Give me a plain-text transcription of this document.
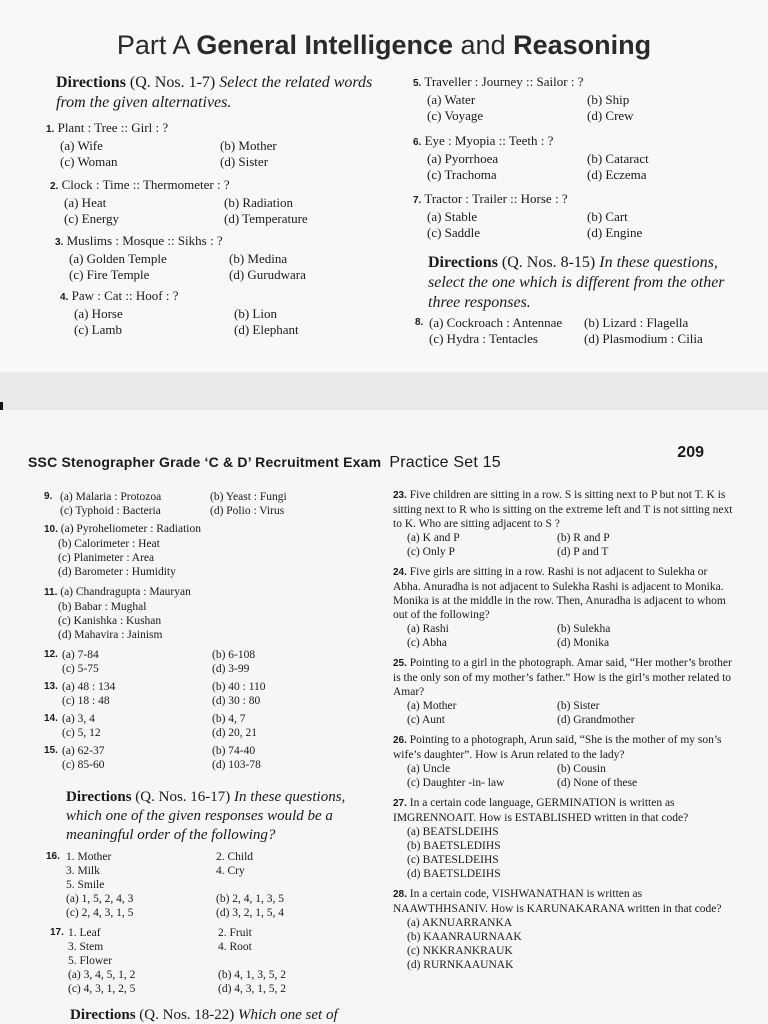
Part A General Intelligence and Reasoning
Directions (Q. Nos. 1-7) Select the related words from the given alternatives.
1. Plant : Tree :: Girl : ?
(a) Wife	(b) Mother
(c) Woman	(d) Sister
2. Clock : Time :: Thermometer : ?
(a) Heat	(b) Radiation
(c) Energy	(d) Temperature
3. Muslims : Mosque :: Sikhs : ?
(a) Golden Temple	(b) Medina
(c) Fire Temple	(d) Gurudwara
4. Paw : Cat :: Hoof : ?
(a) Horse	(b) Lion
(c) Lamb	(d) Elephant
5. Traveller : Journey :: Sailor : ?
(a) Water	(b) Ship
(c) Voyage	(d) Crew
6. Eye : Myopia :: Teeth : ?
(a) Pyorrhoea	(b) Cataract
(c) Trachoma	(d) Eczema
7. Tractor : Trailer :: Horse : ?
(a) Stable	(b) Cart
(c) Saddle	(d) Engine
Directions (Q. Nos. 8-15) In these questions, select the one which is different from the other three responses.
8. (a) Cockroach : Antennae	(b) Lizard : Flagella
(c) Hydra : Tentacles	(d) Plasmodium : Cilia
SSC Stenographer Grade ‘C & D’ Recruitment Exam Practice Set 15
209
9. (a) Malaria : Protozoa	(b) Yeast : Fungi
(c) Typhoid : Bacteria	(d) Polio : Virus
10. (a) Pyroheliometer : Radiation
(b) Calorimeter : Heat
(c) Planimeter : Area
(d) Barometer : Humidity
11. (a) Chandragupta : Mauryan
(b) Babar : Mughal
(c) Kanishka : Kushan
(d) Mahavira : Jainism
12. (a) 7-84	(b) 6-108
(c) 5-75	(d) 3-99
13. (a) 48 : 134	(b) 40 : 110
(c) 18 : 48	(d) 30 : 80
14. (a) 3, 4	(b) 4, 7
(c) 5, 12	(d) 20, 21
15. (a) 62-37	(b) 74-40
(c) 85-60	(d) 103-78
Directions (Q. Nos. 16-17) In these questions, which one of the given responses would be a meaningful order of the following?
16. 1. Mother	2. Child
3. Milk	4. Cry
5. Smile
(a) 1, 5, 2, 4, 3	(b) 2, 4, 1, 3, 5
(c) 2, 4, 3, 1, 5	(d) 3, 2, 1, 5, 4
17. 1. Leaf	2. Fruit
3. Stem	4. Root
5. Flower
(a) 3, 4, 5, 1, 2	(b) 4, 1, 3, 5, 2
(c) 4, 3, 1, 2, 5	(d) 4, 3, 1, 5, 2
Directions (Q. Nos. 18-22) Which one set of
23. Five children are sitting in a row. S is sitting next to P but not T. K is sitting next to R who is sitting on the extreme left and T is not sitting next to K. Who are sitting adjacent to S ?
(a) K and P	(b) R and P
(c) Only P	(d) P and T
24. Five girls are sitting in a row. Rashi is not adjacent to Sulekha or Abha. Anuradha is not adjacent to Sulekha Rashi is adjacent to Monika. Monika is at the middle in the row. Then, Anuradha is adjacent to whom out of the following?
(a) Rashi	(b) Sulekha
(c) Abha	(d) Monika
25. Pointing to a girl in the photograph. Amar said, “Her mother’s brother is the only son of my mother’s father.” How is the girl’s mother related to Amar?
(a) Mother	(b) Sister
(c) Aunt	(d) Grandmother
26. Pointing to a photograph, Arun said, “She is the mother of my son’s wife’s daughter”. How is Arun related to the lady?
(a) Uncle	(b) Cousin
(c) Daughter -in- law	(d) None of these
27. In a certain code language, GERMINATION is written as IMGRENNOAIT. How is ESTABLISHED written in that code?
(a) BEATSLDEIHS
(b) BAETSLEDIHS
(c) BATESLDEIHS
(d) BAETSLDEIHS
28. In a certain code, VISHWANATHAN is written as NAAWTHHSANIV. How is KARUNAKARANA written in that code?
(a) AKNUARRANKA
(b) KAANRAURNAAK
(c) NKKRANKRAUK
(d) RURNKAAUNAK
